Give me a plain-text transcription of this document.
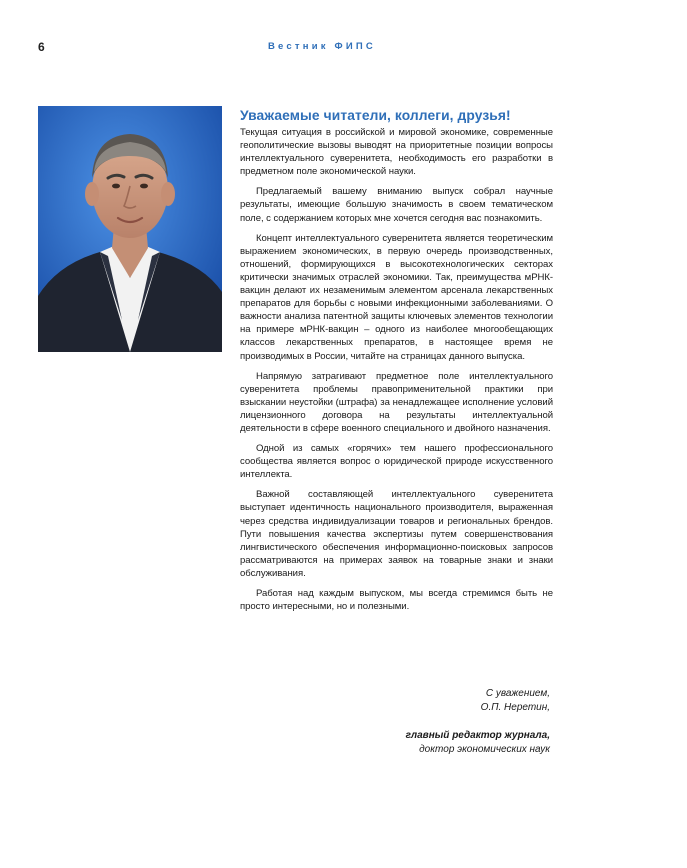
6	Вестник ФИПС
Уважаемые читатели, коллеги, друзья!

Текущая ситуация в российской и мировой экономике, современные геополитические вызовы выводят на приоритетные позиции вопросы интеллектуального суверенитета, необходимость его разработки в предметном поле экономической науки.

Предлагаемый вашему вниманию выпуск собрал научные результаты, имеющие большую значимость в своем тематическом поле, с содержанием которых мне хочется сегодня вас познакомить.

Концепт интеллектуального суверенитета является теоретическим выражением экономических, в первую очередь производственных, отношений, формирующихся в высокотехнологических секторах критически значимых отраслей экономики. Так, преимущества мРНК-вакцин делают их незаменимым элементом арсенала лекарственных препаратов для борьбы с новыми инфекционными заболеваниями. О важности анализа патентной защиты ключевых элементов технологии на примере мРНК-вакцин – одного из наиболее многообещающих классов лекарственных препаратов, в настоящее время не производимых в России, читайте на страницах данного выпуска.

Напрямую затрагивают предметное поле интеллектуального суверенитета проблемы правоприменительной практики при взыскании неустойки (штрафа) за ненадлежащее исполнение условий лицензионного договора на результаты интеллектуальной деятельности в сфере военного специального и двойного назначения.

Одной из самых «горячих» тем нашего профессионального сообщества является вопрос о юридической природе искусственного интеллекта.

Важной составляющей интеллектуального суверенитета выступает идентичность национального производителя, выраженная через средства индивидуализации товаров и региональных брендов. Пути повышения качества экспертизы путем совершенствования лингвистического обеспечения информационно-поисковых запросов рассматриваются на примерах заявок на товарные знаки и знаки обслуживания.

Работая над каждым выпуском, мы всегда стремимся быть не просто интересными, но и полезными.

С уважением,
О.П. Неретин,
главный редактор журнала,
доктор экономических наук
